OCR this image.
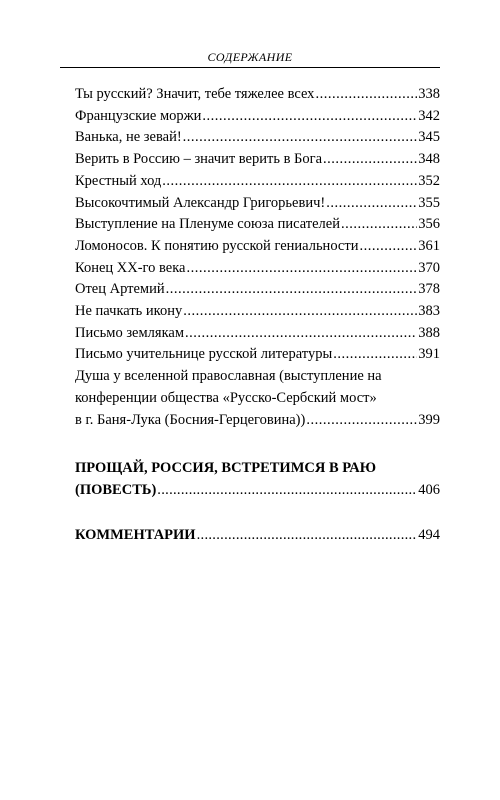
СОДЕРЖАНИЕ
Ты русский? Значит, тебе тяжелее всех .....	338
Французские моржи .....	342
Ванька, не зевай! .....	345
Верить в Россию – значит верить в Бога .....	348
Крестный ход .....	352
Высокочтимый Александр Григорьевич! .....	355
Выступление на Пленуме союза писателей .....	356
Ломоносов. К понятию русской гениальности .....	361
Конец XX-го века .....	370
Отец Артемий .....	378
Не пачкать икону .....	383
Письмо землякам .....	388
Письмо учительнице русской литературы .....	391
Душа у вселенной православная (выступление на
конференции общества «Русско-Сербский мост»
в г. Баня-Лука (Босния-Герцеговина)) .....	399
ПРОЩАЙ, РОССИЯ, ВСТРЕТИМСЯ В РАЮ
(ПОВЕСТЬ) .....	406
КОММЕНТАРИИ .....	494
